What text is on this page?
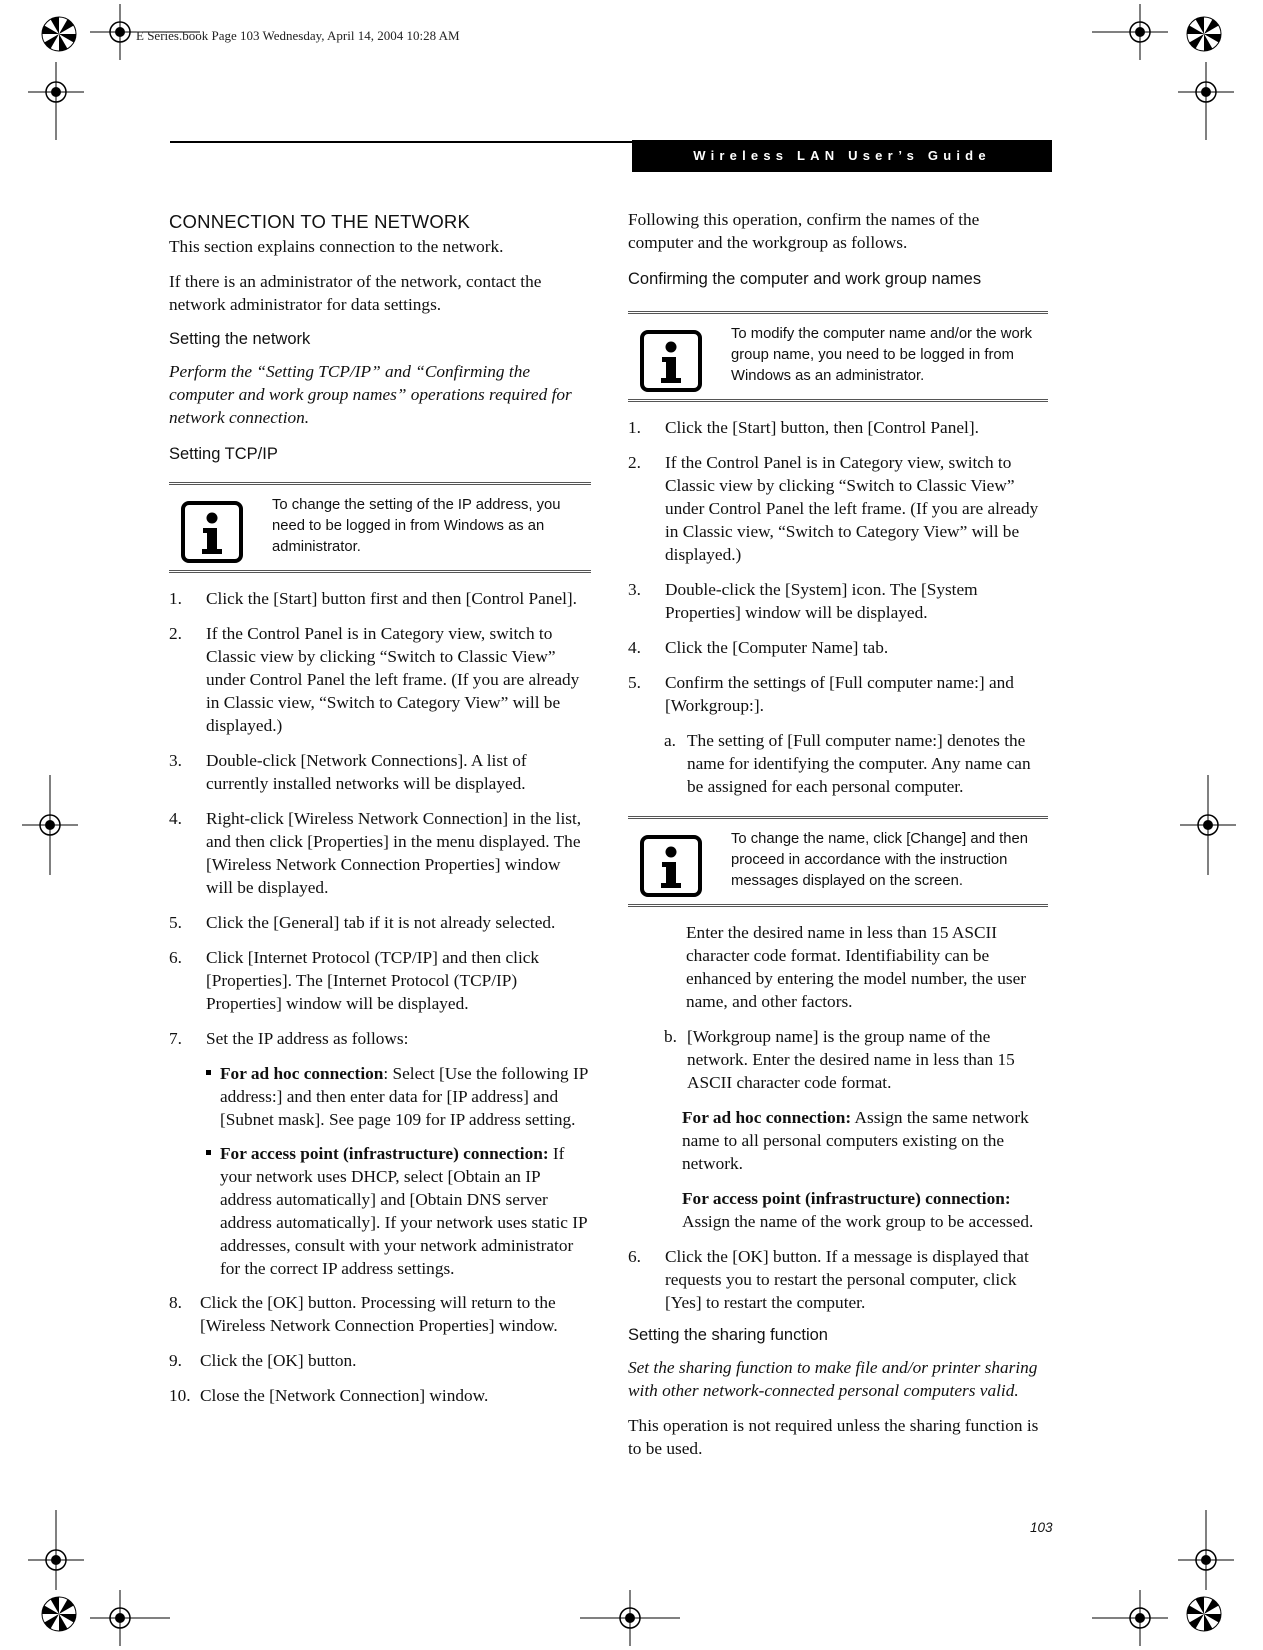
E Series.book Page 103 Wednesday, April 14, 2004 10:28 AM
Wireless LAN User’s Guide
CONNECTION TO THE NETWORK

This section explains connection to the network.

If there is an administrator of the network, contact the network administrator for data settings.

Setting the network

Perform the “Setting TCP/IP” and “Confirming the computer and work group names” operations required for network connection.

Setting TCP/IP
To change the setting of the IP address, you need to be logged in from Windows as an administrator.
1. Click the [Start] button first and then [Control Panel].
2. If the Control Panel is in Category view, switch to Classic view by clicking “Switch to Classic View” under Control Panel the left frame. (If you are already in Classic view, “Switch to Category View” will be displayed.)
3. Double-click [Network Connections]. A list of currently installed networks will be displayed.
4. Right-click [Wireless Network Connection] in the list, and then click [Properties] in the menu displayed. The [Wireless Network Connection Properties] window will be displayed.
5. Click the [General] tab if it is not already selected.
6. Click [Internet Protocol (TCP/IP] and then click [Properties]. The [Internet Protocol (TCP/IP) Properties] window will be displayed.
7. Set the IP address as follows:
For ad hoc connection: Select [Use the following IP address:] and then enter data for [IP address] and [Subnet mask]. See page 109 for IP address setting.
For access point (infrastructure) connection: If your network uses DHCP, select [Obtain an IP address automatically] and [Obtain DNS server address automatically]. If your network uses static IP addresses, consult with your network administrator for the correct IP address settings.
8. Click the [OK] button. Processing will return to the [Wireless Network Connection Properties] window.
9. Click the [OK] button.
10. Close the [Network Connection] window.

Following this operation, confirm the names of the computer and the workgroup as follows.

Confirming the computer and work group names
To modify the computer name and/or the work group name, you need to be logged in from Windows as an administrator.
1. Click the [Start] button, then [Control Panel].
2. If the Control Panel is in Category view, switch to Classic view by clicking “Switch to Classic View” under Control Panel the left frame. (If you are already in Classic view, “Switch to Category View” will be displayed.)
3. Double-click the [System] icon. The [System Properties] window will be displayed.
4. Click the [Computer Name] tab.
5. Confirm the settings of [Full computer name:] and [Workgroup:].
a. The setting of [Full computer name:] denotes the name for identifying the computer. Any name can be assigned for each personal computer.
To change the name, click [Change] and then proceed in accordance with the instruction messages displayed on the screen.

Enter the desired name in less than 15 ASCII character code format. Identifiability can be enhanced by entering the model number, the user name, and other factors.

b. [Workgroup name] is the group name of the network. Enter the desired name in less than 15 ASCII character code format.

For ad hoc connection: Assign the same network name to all personal computers existing on the network.

For access point (infrastructure) connection: Assign the name of the work group to be accessed.

6. Click the [OK] button. If a message is displayed that requests you to restart the personal computer, click [Yes] to restart the computer.
Setting the sharing function

Set the sharing function to make file and/or printer sharing with other network-connected personal computers valid.

This operation is not required unless the sharing function is to be used.

103
